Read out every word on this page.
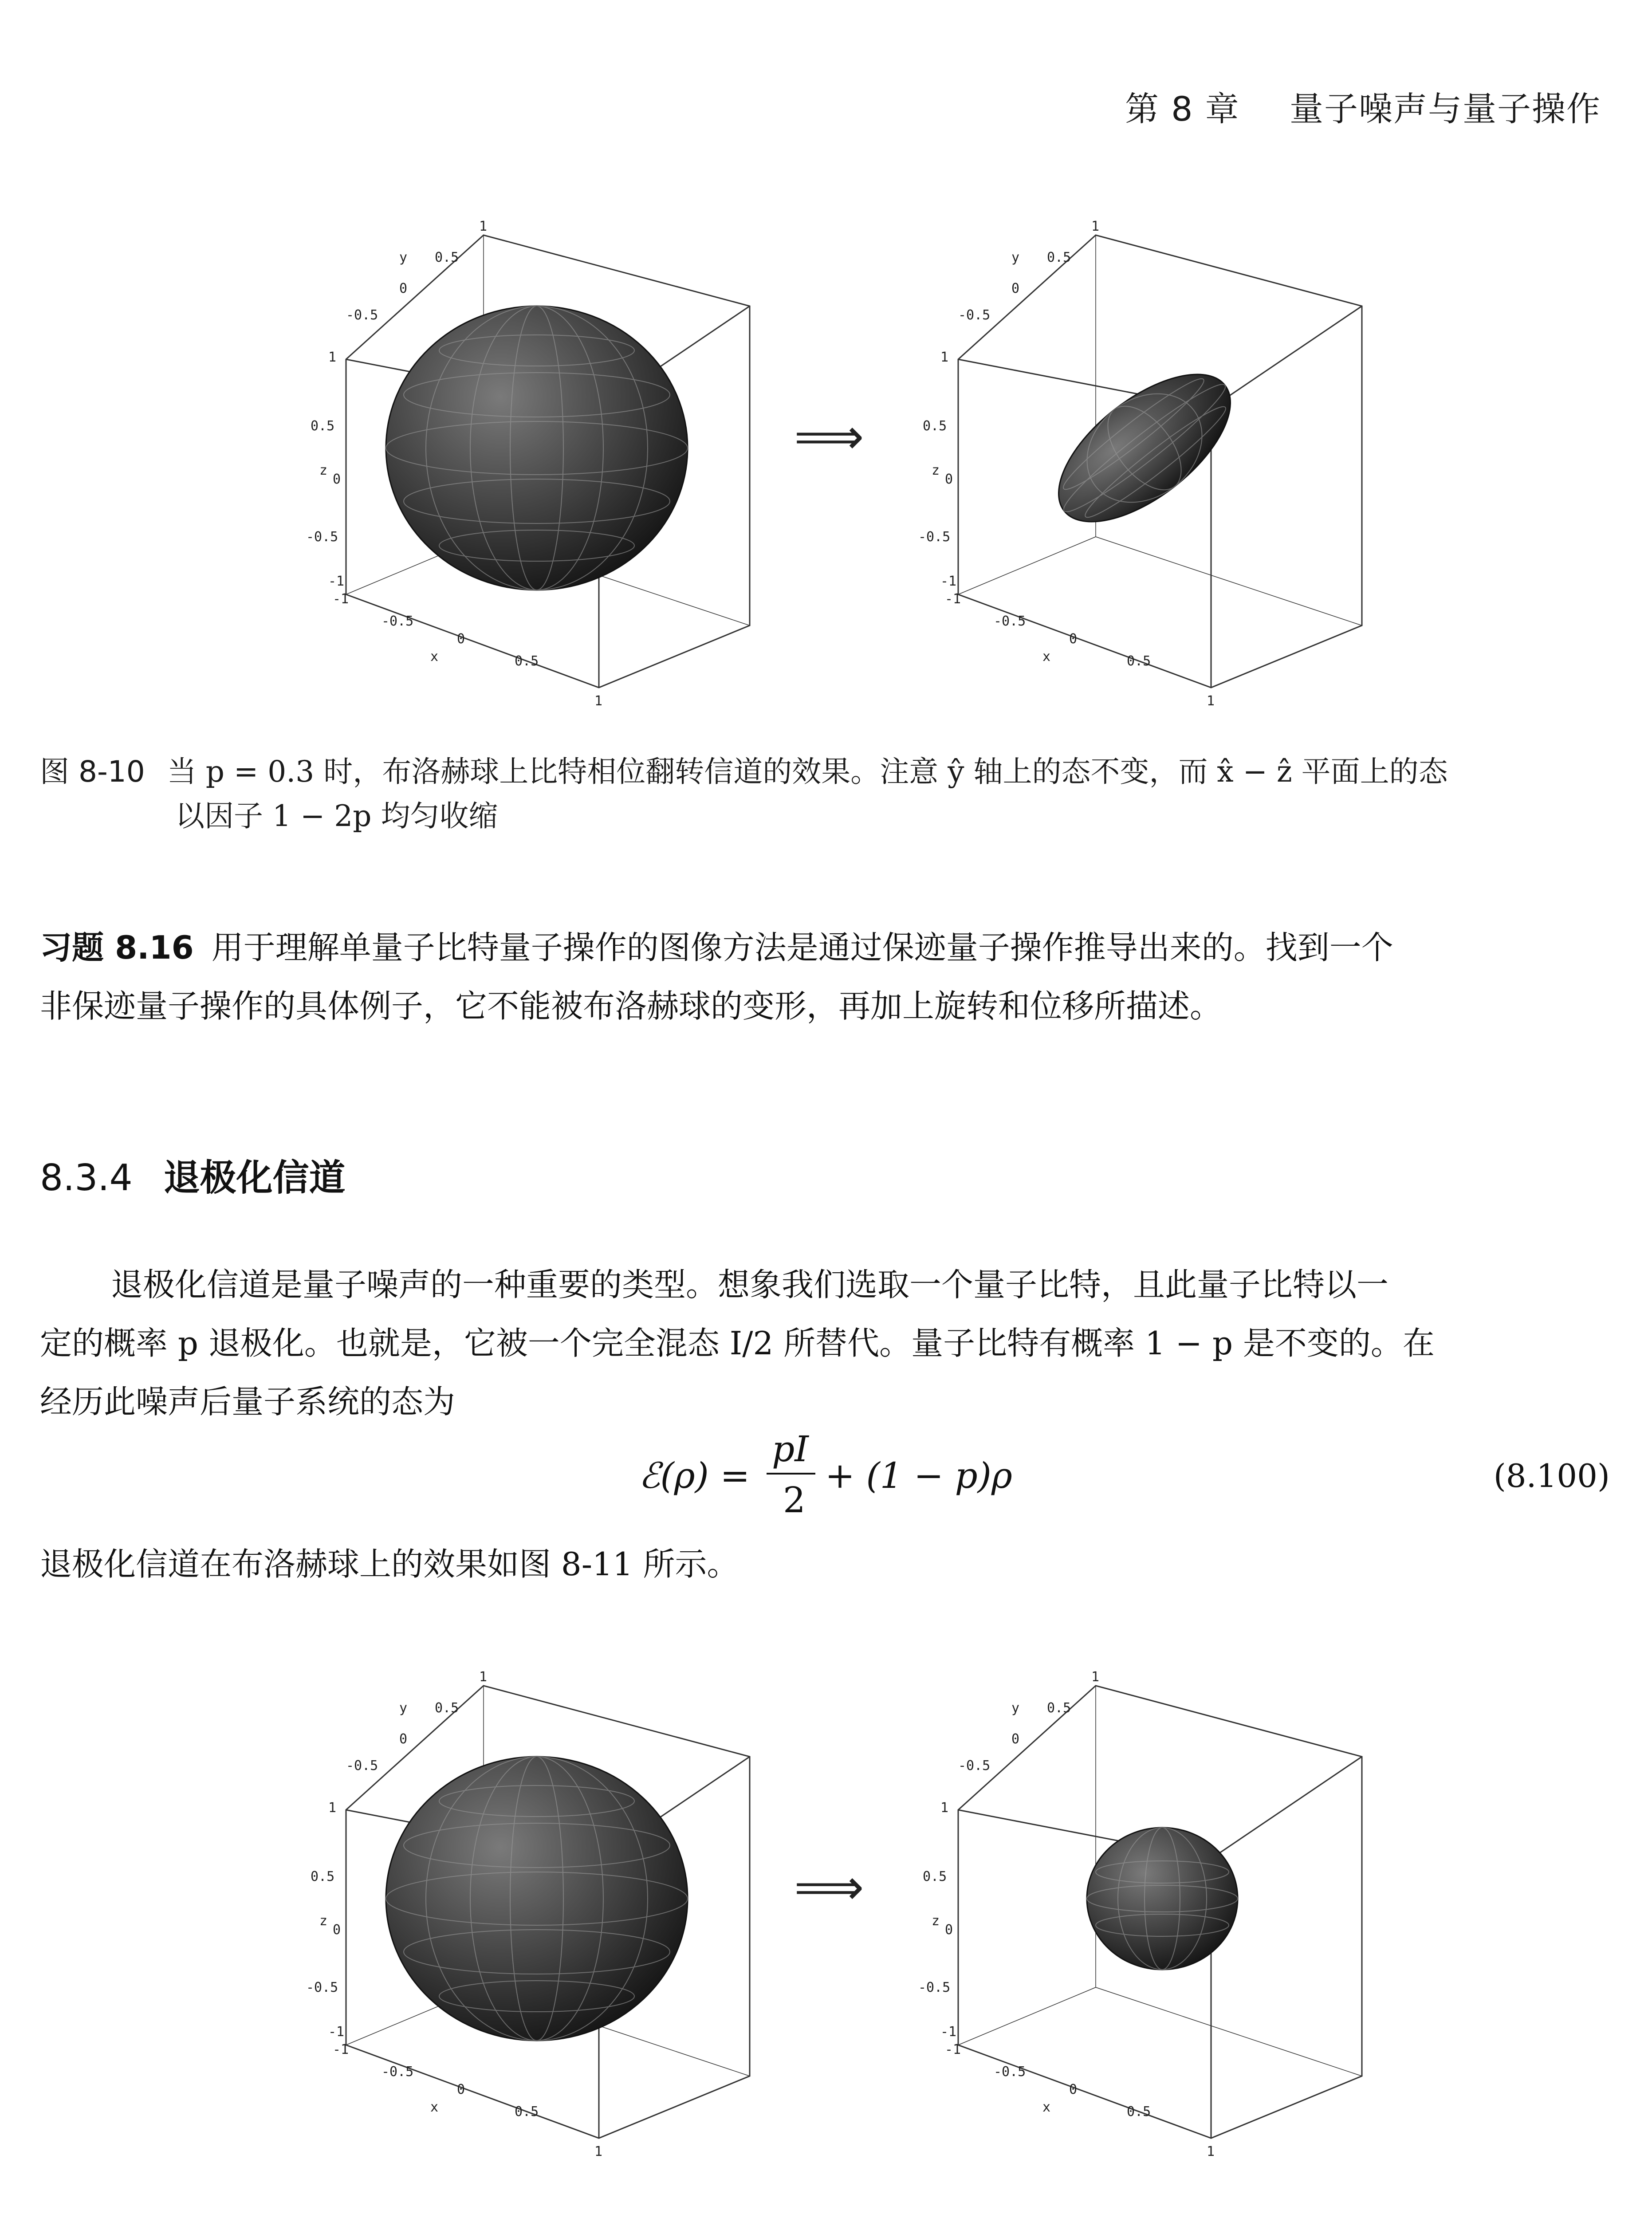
第 8 章 量子噪声与量子操作
y 0.5
1
0
-0.5
1
0.5
z
0
-0.5
-1
-1
-0.5
0
x	0.5
1
⟹
y 0.5
1
0
-0.5
1
0.5
z
0
-0.5
-1
-1
-0.5
0
x	0.5
1
图 8-10 当 p = 0.3 时，布洛赫球上比特相位翻转信道的效果。注意 ŷ 轴上的态不变，而 x̂ − ẑ 平面上的态
以因子 1 − 2p 均匀收缩
习题 8.16 用于理解单量子比特量子操作的图像方法是通过保迹量子操作推导出来的。找到一个
非保迹量子操作的具体例子，它不能被布洛赫球的变形，再加上旋转和位移所描述。
8.3.4 退极化信道
退极化信道是量子噪声的一种重要的类型。想象我们选取一个量子比特，且此量子比特以一
定的概率 p 退极化。也就是，它被一个完全混态 I/2 所替代。量子比特有概率 1 − p 是不变的。在
经历此噪声后量子系统的态为
ℰ(ρ) =
pI
2
+ (1 − p)ρ	(8.100)
退极化信道在布洛赫球上的效果如图 8-11 所示。
y 0.5
1
0
-0.5
1
0.5
z
0
-0.5
-1
-1
-0.5
0
x	0.5
1
⟹
y 0.5
1
0
-0.5
1
0.5
z
0
-0.5
-1
-1
-0.5
0
x	0.5
1
